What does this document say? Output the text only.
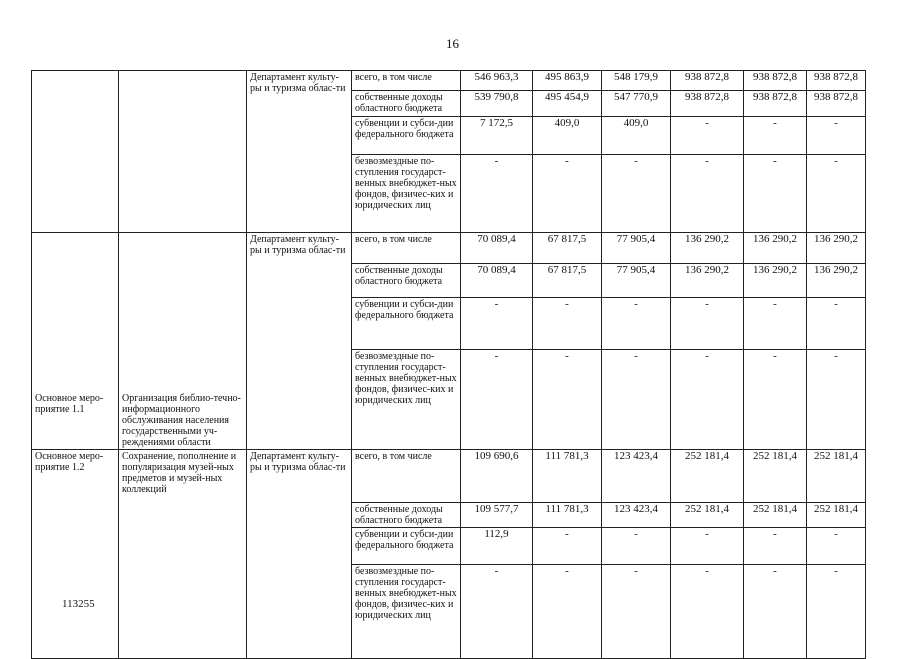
16

		Департамент культу-ры и туризма облас-ти	всего, в том числе	546 963,3	495 863,9	548 179,9	938 872,8	938 872,8	938 872,8
			собственные доходы областного бюджета	539 790,8	495 454,9	547 770,9	938 872,8	938 872,8	938 872,8
			субвенции и субси-дии федерального бюджета	7 172,5	409,0	409,0	-	-	-
			безвозмездные по-ступления государст-венных внебюджет-ных фондов, физичес-ких и юридических лиц	-	-	-	-	-	-

Основное меро-приятие 1.1	Организация библио-течно-информационного обслуживания населения государственными уч-реждениями области	Департамент культу-ры и туризма облас-ти	всего, в том числе	70 089,4	67 817,5	77 905,4	136 290,2	136 290,2	136 290,2
			собственные доходы областного бюджета	70 089,4	67 817,5	77 905,4	136 290,2	136 290,2	136 290,2
			субвенции и субси-дии федерального бюджета	-	-	-	-	-	-
			безвозмездные по-ступления государст-венных внебюджет-ных фондов, физичес-ких и юридических лиц	-	-	-	-	-	-

Основное меро-приятие 1.2	Сохранение, пополнение и популяризация музей-ных предметов и музей-ных коллекций	Департамент культу-ры и туризма облас-ти	всего, в том числе	109 690,6	111 781,3	123 423,4	252 181,4	252 181,4	252 181,4
			собственные доходы областного бюджета	109 577,7	111 781,3	123 423,4	252 181,4	252 181,4	252 181,4
			субвенции и субси-дии федерального бюджета	112,9	-	-	-	-	-
			безвозмездные по-ступления государст-венных внебюджет-ных фондов, физичес-ких и юридических лиц	-	-	-	-	-	-
113255
